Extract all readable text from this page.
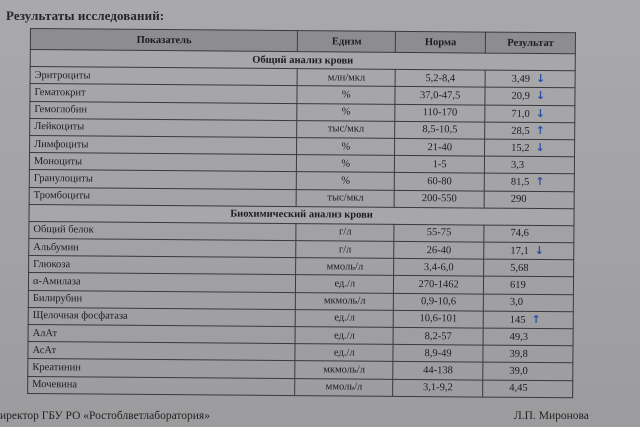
Результаты исследований:
Показатель	Едизм	Норма	Результат
Общий анализ крови			
Эритроциты	млн/мкл	5,2-8,4	3,49 ↓
Гематокрит	%	37,0-47,5	20,9 ↓
Гемоглобин	%	110-170	71,0 ↓
Лейкоциты	тыс/мкл	8,5-10,5	28,5 ↑
Лимфоциты	%	21-40	15,2 ↓
Моноциты	%	1-5	3,3
Гранулоциты	%	60-80	81,5 ↑
Тромбоциты	тыс/мкл	200-550	290
Биохимический анализ крови			
Общий белок	г/л	55-75	74,6
Альбумин	г/л	26-40	17,1 ↓
Глюкоза	ммоль/л	3,4-6,0	5,68
α-Амилаза	ед./л	270-1462	619
Билирубин	мкмоль/л	0,9-10,6	3,0
Щелочная фосфатаза	ед./л	10,6-101	145 ↑
АлАт	ед./л	8,2-57	49,3
АсАт	ед./л	8,9-49	39,8
Креатинин	мкмоль/л	44-138	39,0
Мочевина	ммоль/л	3,1-9,2	4,45
иректор ГБУ РО «Ростоблветлаборатория»	Л.П. Миронова
